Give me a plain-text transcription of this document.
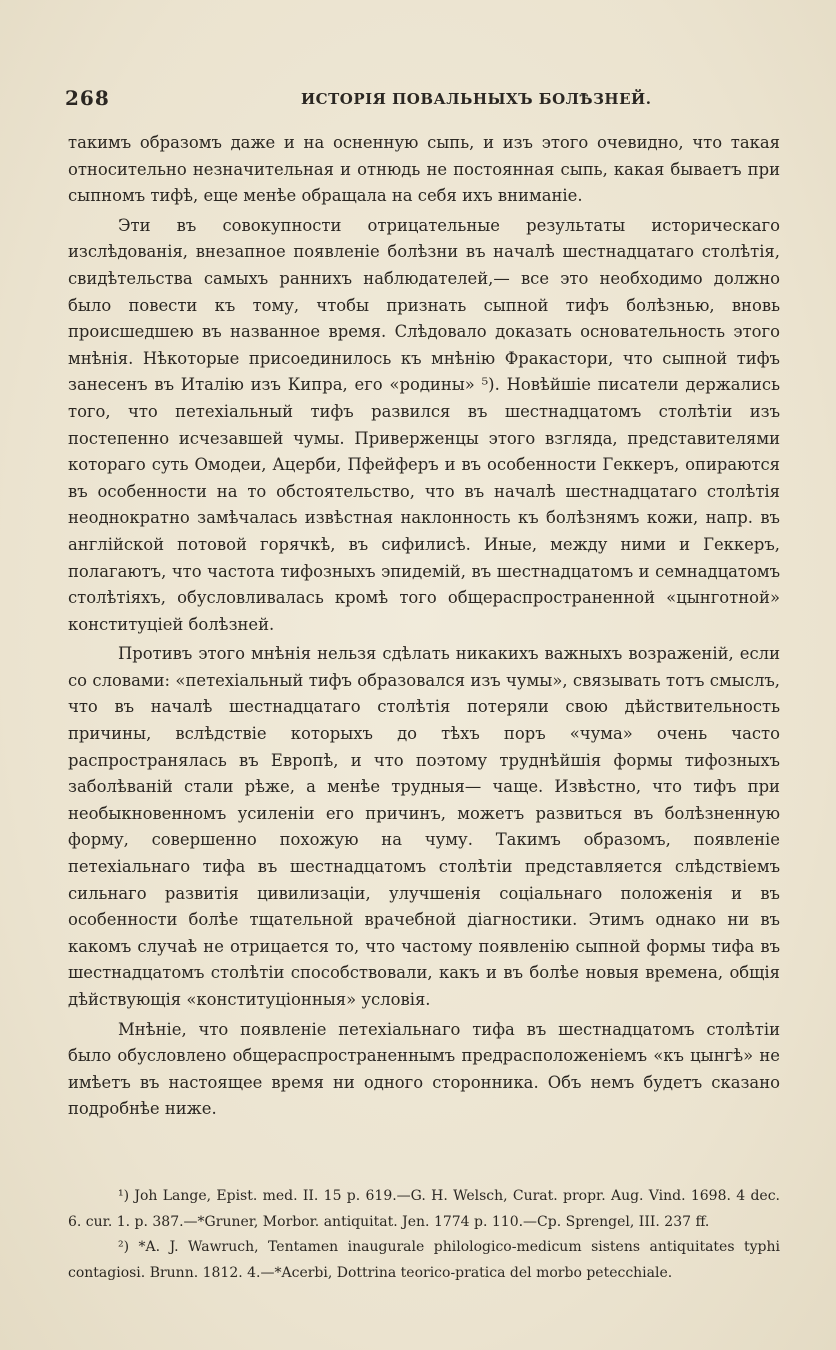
268	ИСТОРІЯ ПОВАЛЬНЫХЪ БОЛѢЗНЕЙ.

такимъ образомъ даже и на осненную сыпь, и изъ этого очевидно, что такая относительно незначительная и отнюдь не постоянная сыпь, какая бываетъ при сыпномъ тифѣ, еще менѣе обращала на себя ихъ вниманіе.

Эти въ совокупности отрицательные результаты историческаго изслѣдованія, внезапное появленіе болѣзни въ началѣ шестнадцатаго столѣтія, свидѣтельства самыхъ раннихъ наблюдателей,— все это необходимо должно было повести къ тому, чтобы признать сыпной тифъ болѣзнью, вновь происшедшею въ названное время. Слѣдовало доказать основательность этого мнѣнія. Нѣкоторые присоединилось къ мнѣнію Фракастори, что сыпной тифъ занесенъ въ Италію изъ Кипра, его «родины» ⁵). Новѣйшіе писатели держались того, что петехіальный тифъ развился въ шестнадцатомъ столѣтіи изъ постепенно исчезавшей чумы. Приверженцы этого взгляда, представителями котораго суть Омодеи, Ацерби, Пфейферъ и въ особенности Геккеръ, опираются въ особенности на то обстоятельство, что въ началѣ шестнадцатаго столѣтія неоднократно замѣчалась извѣстная наклонность къ болѣзнямъ кожи, напр. въ англійской потовой горячкѣ, въ сифилисѣ. Иные, между ними и Геккеръ, полагаютъ, что частота тифозныхъ эпидемій, въ шестнадцатомъ и семнадцатомъ столѣтіяхъ, обусловливалась кромѣ того общераспространенной «цынготной» конституціей болѣзней.

Противъ этого мнѣнія нельзя сдѣлать никакихъ важныхъ возраженій, если со словами: «петехіальный тифъ образовался изъ чумы», связывать тотъ смыслъ, что въ началѣ шестнадцатаго столѣтія потеряли свою дѣйствительность причины, вслѣдствіе которыхъ до тѣхъ поръ «чума» очень часто распространялась въ Европѣ, и что поэтому труднѣйшія формы тифозныхъ заболѣваній стали рѣже, а менѣе трудныя— чаще. Извѣстно, что тифъ при необыкновенномъ усиленіи его причинъ, можетъ развиться въ болѣзненную форму, совершенно похожую на чуму. Такимъ образомъ, появленіе петехіальнаго тифа въ шестнадцатомъ столѣтіи представляется слѣдствіемъ сильнаго развитія цивилизаціи, улучшенія соціальнаго положенія и въ особенности болѣе тщательной врачебной діагностики. Этимъ однако ни въ какомъ случаѣ не отрицается то, что частому появленію сыпной формы тифа въ шестнадцатомъ столѣтіи способствовали, какъ и въ болѣе новыя времена, общія дѣйствующія «конституціонныя» условія.

Мнѣніе, что появленіе петехіальнаго тифа въ шестнадцатомъ столѣтіи было обусловлено общераспространеннымъ предрасположеніемъ «къ цынгѣ» не имѣетъ въ настоящее время ни одного сторонника. Объ немъ будетъ сказано подробнѣе ниже.

¹) Joh Lange, Epist. med. II. 15 p. 619.—G. H. Welsch, Curat. propr. Aug. Vind. 1698. 4 dec. 6. cur. 1. p. 387.—*Gruner, Morbor. antiquitat. Jen. 1774 p. 110.—Ср. Sprengel, III. 237 ff.

²) *A. J. Wawruch, Tentamen inaugurale philologico-medicum sistens antiquitates typhi contagiosi. Brunn. 1812. 4.—*Acerbi, Dottrina teorico-pratica del morbo petecchiale.
